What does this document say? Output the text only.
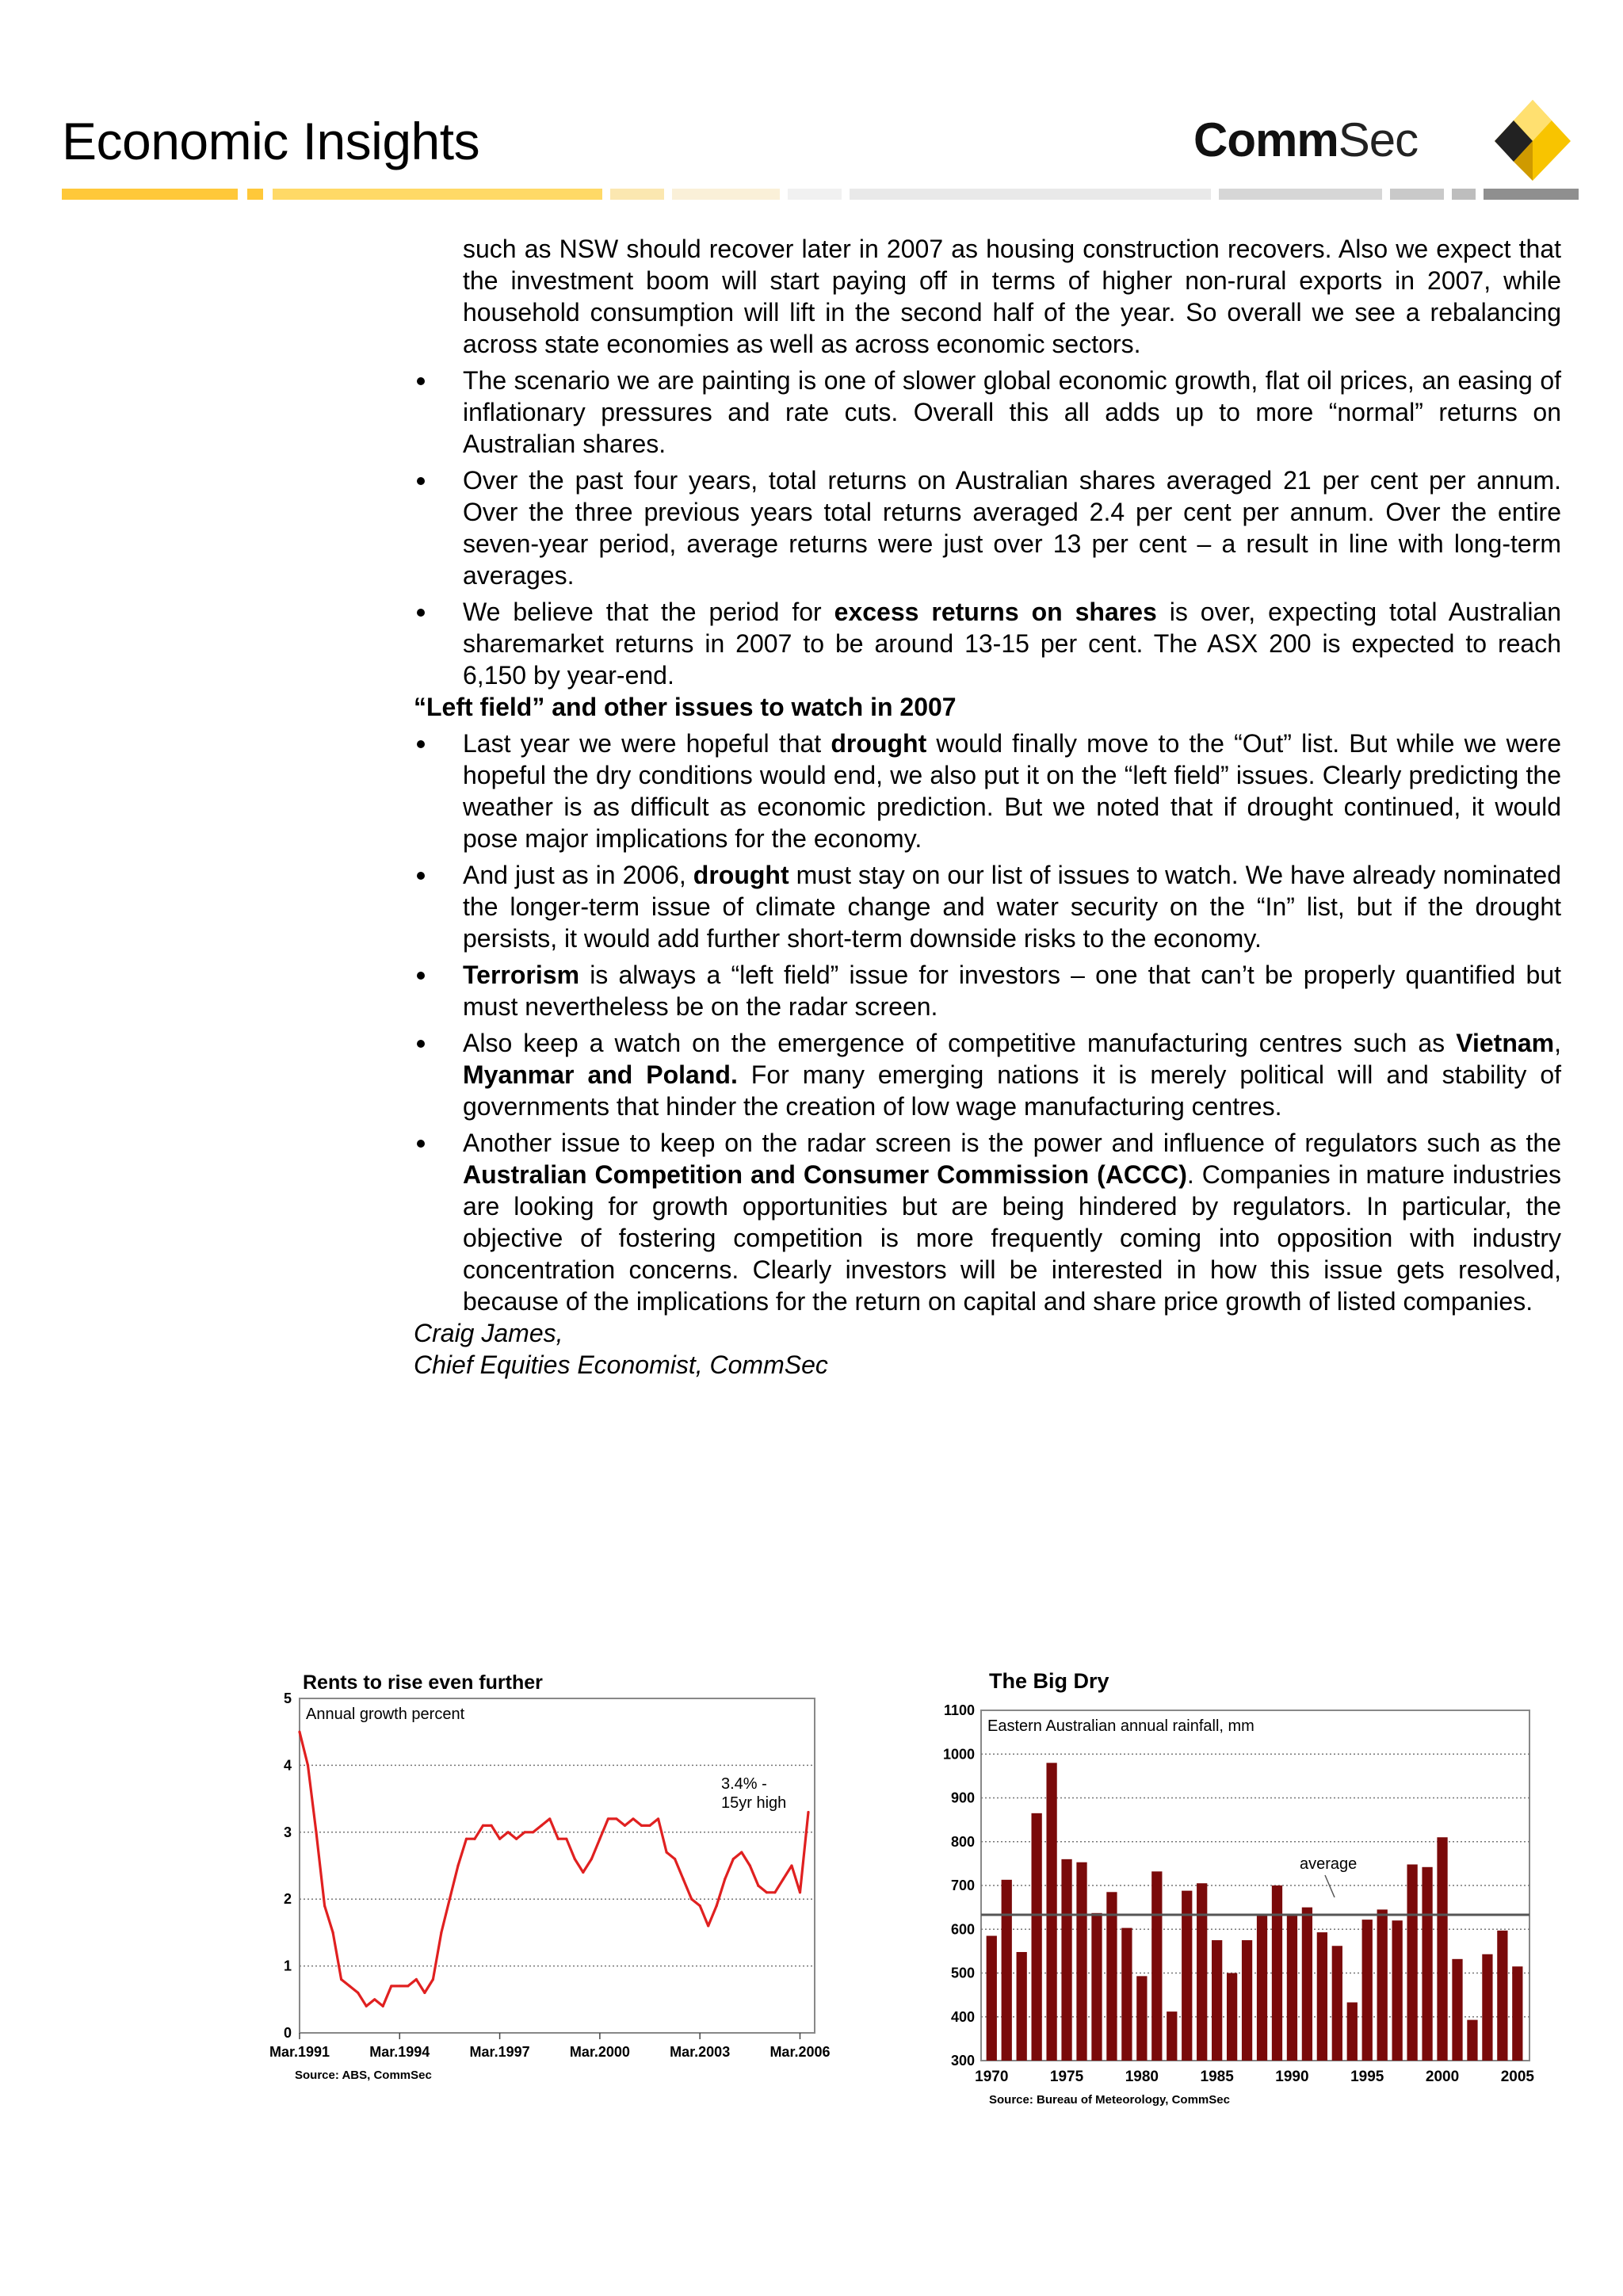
Economic Insights	CommSec

such as NSW should recover later in 2007 as housing construction recovers. Also we expect that the investment boom will start paying off in terms of higher non-rural exports in 2007, while household consumption will lift in the second half of the year. So overall we see a rebalancing across state economies as well as across economic sectors.

The scenario we are painting is one of slower global economic growth, flat oil prices, an easing of inflationary pressures and rate cuts. Overall this all adds up to more “normal” returns on Australian shares.
Over the past four years, total returns on Australian shares averaged 21 per cent per annum. Over the three previous years total returns averaged 2.4 per cent per annum. Over the entire seven-year period, average returns were just over 13 per cent – a result in line with long-term averages.
We believe that the period for excess returns on shares is over, expecting total Australian sharemarket returns in 2007 to be around 13-15 per cent. The ASX 200 is expected to reach 6,150 by year-end.

“Left field” and other issues to watch in 2007

Last year we were hopeful that drought would finally move to the “Out” list. But while we were hopeful the dry conditions would end, we also put it on the “left field” issues. Clearly predicting the weather is as difficult as economic prediction. But we noted that if drought continued, it would pose major implications for the economy.
And just as in 2006, drought must stay on our list of issues to watch. We have already nominated the longer-term issue of climate change and water security on the “In” list, but if the drought persists, it would add further short-term downside risks to the economy.
Terrorism is always a “left field” issue for investors – one that can’t be properly quantified but must nevertheless be on the radar screen.
Also keep a watch on the emergence of competitive manufacturing centres such as Vietnam, Myanmar and Poland. For many emerging nations it is merely political will and stability of governments that hinder the creation of low wage manufacturing centres.
Another issue to keep on the radar screen is the power and influence of regulators such as the Australian Competition and Consumer Commission (ACCC). Companies in mature industries are looking for growth opportunities but are being hindered by regulators. In particular, the objective of fostering competition is more frequently coming into opposition with industry concentration concerns. Clearly investors will be interested in how this issue gets resolved, because of the implications for the return on capital and share price growth of listed companies.

Craig James,

Chief Equities Economist, CommSec

Rents to rise even further
0
1
2
3
4
5
Annual growth percent
Mar.1991	Mar.1994	Mar.1997	Mar.2000	Mar.2003	Mar.2006
Source: ABS, CommSec
3.4% -
15yr high
The Big Dry
300
400
500
600
700
800
900
1000
1100
Eastern Australian annual rainfall, mm
average
1970	1975	1980	1985	1990	1995	2000	2005
Source: Bureau of Meteorology, CommSec
